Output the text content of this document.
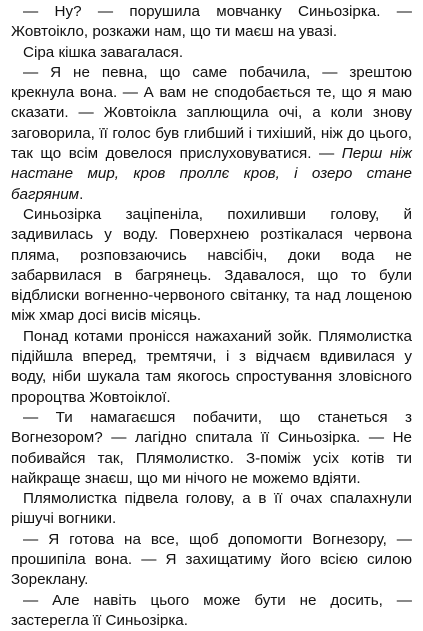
— Ну? — порушила мовчанку Синьозірка. — Жовтоікло, розкажи нам, що ти маєш на увазі.

Сіра кішка завагалася.

— Я не певна, що саме побачила, — зрештою крекнула вона. — А вам не сподобається те, що я маю сказати. — Жовтоікла заплющила очі, а коли знову заговорила, її голос був глибший і тихіший, ніж до цього, так що всім довелося прислуховуватися. — Перш ніж настане мир, кров проллє кров, і озеро стане багряним.

Синьозірка заціпеніла, похиливши голову, й задивилась у воду. Поверхнею розтікалася червона пляма, розповзаючись навсібіч, доки вода не забарвилася в багрянець. Здавалося, що то були відблиски вогненно-червоного світанку, та над лощеною між хмар досі висів місяць.

Понад котами пронісся нажаханий зойк. Плямолистка підійшла вперед, тремтячи, і з відчаєм вдивилася у воду, ніби шукала там якогось спростування зловісного пророцтва Жовтоіклої.

— Ти намагаєшся побачити, що станеться з Вогнезором? — лагідно спитала її Синьозірка. — Не побивайся так, Плямолистко. З-поміж усіх котів ти найкраще знаєш, що ми нічого не можемо вдіяти.

Плямолистка підвела голову, а в її очах спалахнули рішучі вогники.

— Я готова на все, щоб допомогти Вогнезору, — прошипіла вона. — Я захищатиму його всією силою Зореклану.

— Але навіть цього може бути не досить, — застерегла її Синьозірка.
